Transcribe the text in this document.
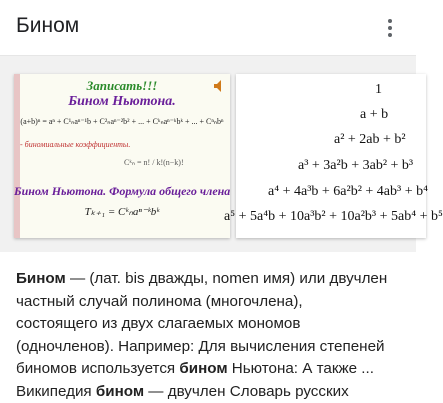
Бином
Записать!!!
Бином Ньютона.
(a+b)ⁿ = aⁿ + C¹ₙaⁿ⁻¹b + C²ₙaⁿ⁻²b² + ... + Cᵏₙaⁿ⁻ᵏbᵏ + ... + Cⁿₙbⁿ
- биномиальные коэффициенты.
Cᵏₙ = n! / k!(n−k)!
Бином Ньютона. Формула общего члена
Tₖ₊₁ = Cᵏₙaⁿ⁻ᵏbᵏ
1
a + b
a² + 2ab + b²
a³ + 3a²b + 3ab² + b³
a⁴ + 4a³b + 6a²b² + 4ab³ + b⁴
a⁵ + 5a⁴b + 10a³b² + 10a²b³ + 5ab⁴ + b⁵

Бином — (лат. bis дважды, nomen имя) или двучлен

частный случай полинома (многочлена),

состоящего из двух слагаемых мономов

(одночленов). Например: Для вычисления степеней

биномов используется бином Ньютона: А также ...

Википедия бином — двучлен Словарь русских
